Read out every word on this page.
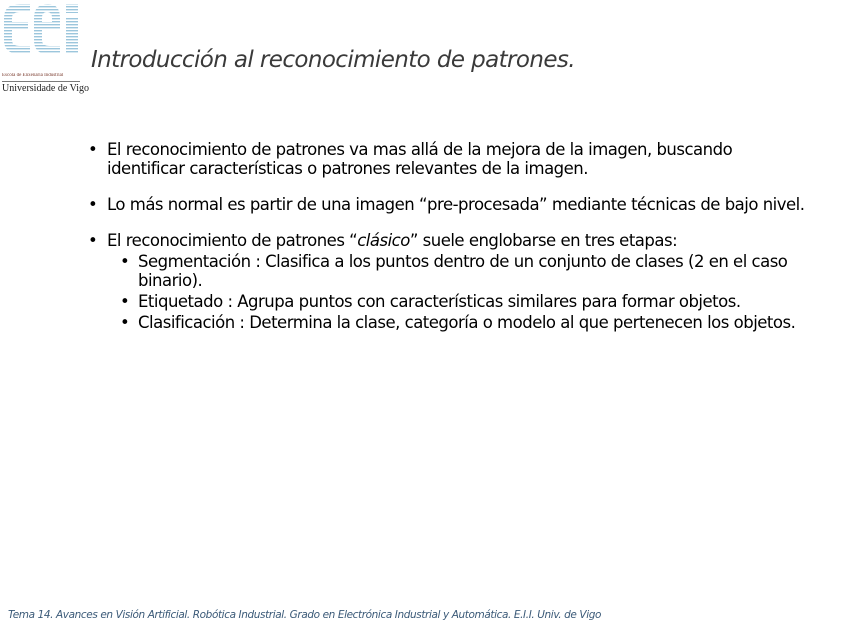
Escola de Enxeñaría Industrial
Universidade de Vigo
Introducción al reconocimiento de patrones.
• El reconocimiento de patrones va mas allá de la mejora de la imagen, buscando identificar características o patrones relevantes de la imagen.
• Lo más normal es partir de una imagen “pre-procesada” mediante técnicas de bajo nivel.
• El reconocimiento de patrones “clásico” suele englobarse en tres etapas:
• Segmentación : Clasifica a los puntos dentro de un conjunto de clases (2 en el caso binario).
• Etiquetado : Agrupa puntos con características similares para formar objetos.
• Clasificación : Determina la clase, categoría o modelo al que pertenecen los objetos.
Tema 14. Avances en Visión Artificial. Robótica Industrial. Grado en Electrónica Industrial y Automática. E.I.I. Univ. de Vigo
